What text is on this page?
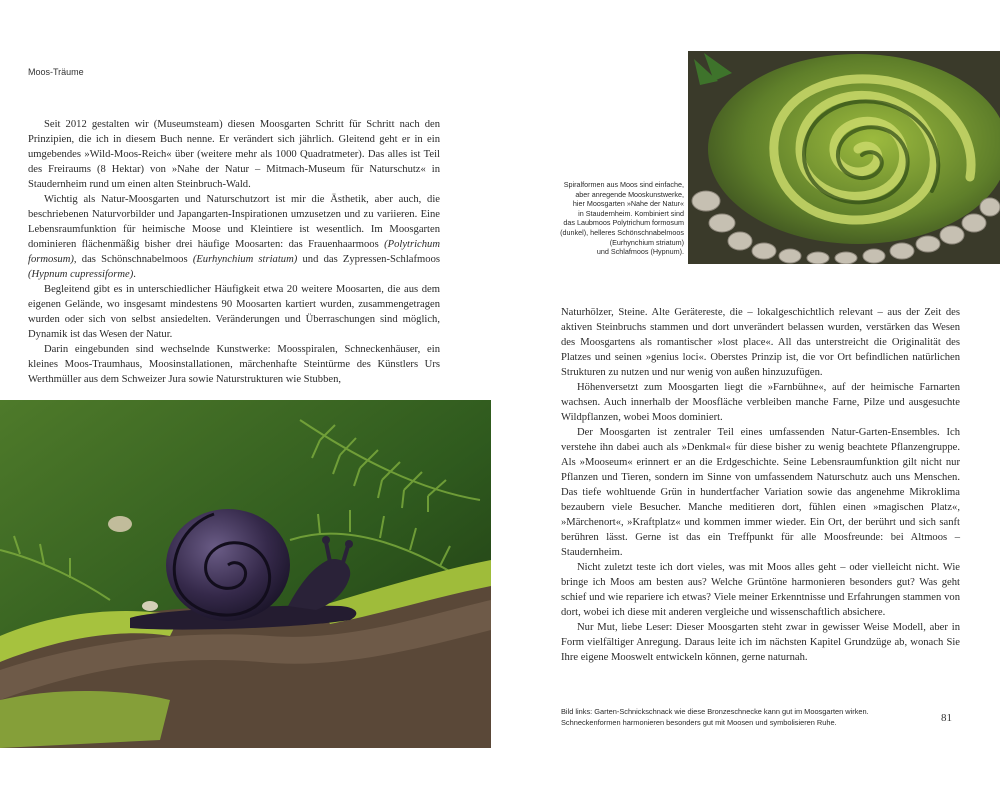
Moos-Träume

Seit 2012 gestalten wir (Museumsteam) diesen Moosgarten Schritt für Schritt nach den Prinzipien, die ich in diesem Buch nenne. Er verändert sich jährlich. Gleitend geht er in ein umgebendes »Wild-Moos-Reich« über (weitere mehr als 1000 Quadratmeter). Das alles ist Teil des Freiraums (8 Hektar) von »Nahe der Natur – Mitmach-Museum für Naturschutz« in Staudernheim rund um einen alten Steinbruch-Wald.

Wichtig als Natur-Moosgarten und Naturschutzort ist mir die Ästhetik, aber auch, die beschriebenen Naturvorbilder und Japangarten-Inspirationen umzusetzen und zu variieren. Eine Lebensraumfunktion für heimische Moose und Kleintiere ist wesentlich. Im Moosgarten dominieren flächenmäßig bisher drei häufige Moosarten: das Frauenhaarmoos (Polytrichum formosum), das Schönschnabelmoos (Eurhynchium striatum) und das Zypressen-Schlafmoos (Hypnum cupressiforme).

Begleitend gibt es in unterschiedlicher Häufigkeit etwa 20 weitere Moosarten, die aus dem eigenen Gelände, wo insgesamt mindestens 90 Moosarten kartiert wurden, zusammengetragen wurden oder sich von selbst ansiedelten. Veränderungen und Überraschungen sind möglich, Dynamik ist das Wesen der Natur.

Darin eingebunden sind wechselnde Kunstwerke: Moosspiralen, Schneckenhäuser, ein kleines Moos-Traumhaus, Moosinstallationen, märchenhafte Steintürme des Künstlers Urs Werthmüller aus dem Schweizer Jura sowie Naturstrukturen wie Stubben,

Spiralformen aus Moos sind einfache,
aber anregende Mooskunstwerke,
hier Moosgarten »Nahe der Natur«
in Staudernheim. Kombiniert sind
das Laubmoos Polytrichum formosum
(dunkel), helleres Schönschnabelmoos
(Eurhynchium striatum)
und Schlafmoos (Hypnum).

Naturhölzer, Steine. Alte Gerätereste, die – lokalgeschichtlich relevant – aus der Zeit des aktiven Steinbruchs stammen und dort unverändert belassen wurden, verstärken das Wesen des Moosgartens als romantischer »lost place«. All das unterstreicht die Originalität des Platzes und seinen »genius loci«. Oberstes Prinzip ist, die vor Ort befindlichen natürlichen Strukturen zu nutzen und nur wenig von außen hinzuzufügen.

Höhenversetzt zum Moosgarten liegt die »Farnbühne«, auf der heimische Farnarten wachsen. Auch innerhalb der Moosfläche verbleiben manche Farne, Pilze und ausgesuchte Wildpflanzen, wobei Moos dominiert.

Der Moosgarten ist zentraler Teil eines umfassenden Natur-Garten-Ensembles. Ich verstehe ihn dabei auch als »Denkmal« für diese bisher zu wenig beachtete Pflanzengruppe. Als »Mooseum« erinnert er an die Erdgeschichte. Seine Lebensraumfunktion gilt nicht nur Pflanzen und Tieren, sondern im Sinne von umfassendem Naturschutz auch uns Menschen. Das tiefe wohltuende Grün in hundertfacher Variation sowie das angenehme Mikroklima bezaubern viele Besucher. Manche meditieren dort, fühlen einen »magischen Platz«, »Märchenort«, »Kraftplatz« und kommen immer wieder. Ein Ort, der berührt und sich sanft berühren lässt. Gerne ist das ein Treffpunkt für alle Moosfreunde: bei Altmoos – Staudernheim.

Nicht zuletzt teste ich dort vieles, was mit Moos alles geht – oder vielleicht nicht. Wie bringe ich Moos am besten aus? Welche Grüntöne harmonieren besonders gut? Was geht schief und wie repariere ich etwas? Viele meiner Erkenntnisse und Erfahrungen stammen von dort, wobei ich diese mit anderen vergleiche und wissenschaftlich absichere.

Nur Mut, liebe Leser: Dieser Moosgarten steht zwar in gewisser Weise Modell, aber in Form vielfältiger Anregung. Daraus leite ich im nächsten Kapitel Grundzüge ab, wonach Sie Ihre eigene Mooswelt entwickeln können, gerne naturnah.

Bild links: Garten-Schnickschnack wie diese Bronzeschnecke kann gut im Moosgarten wirken.
Schneckenformen harmonieren besonders gut mit Moosen und symbolisieren Ruhe.	81
